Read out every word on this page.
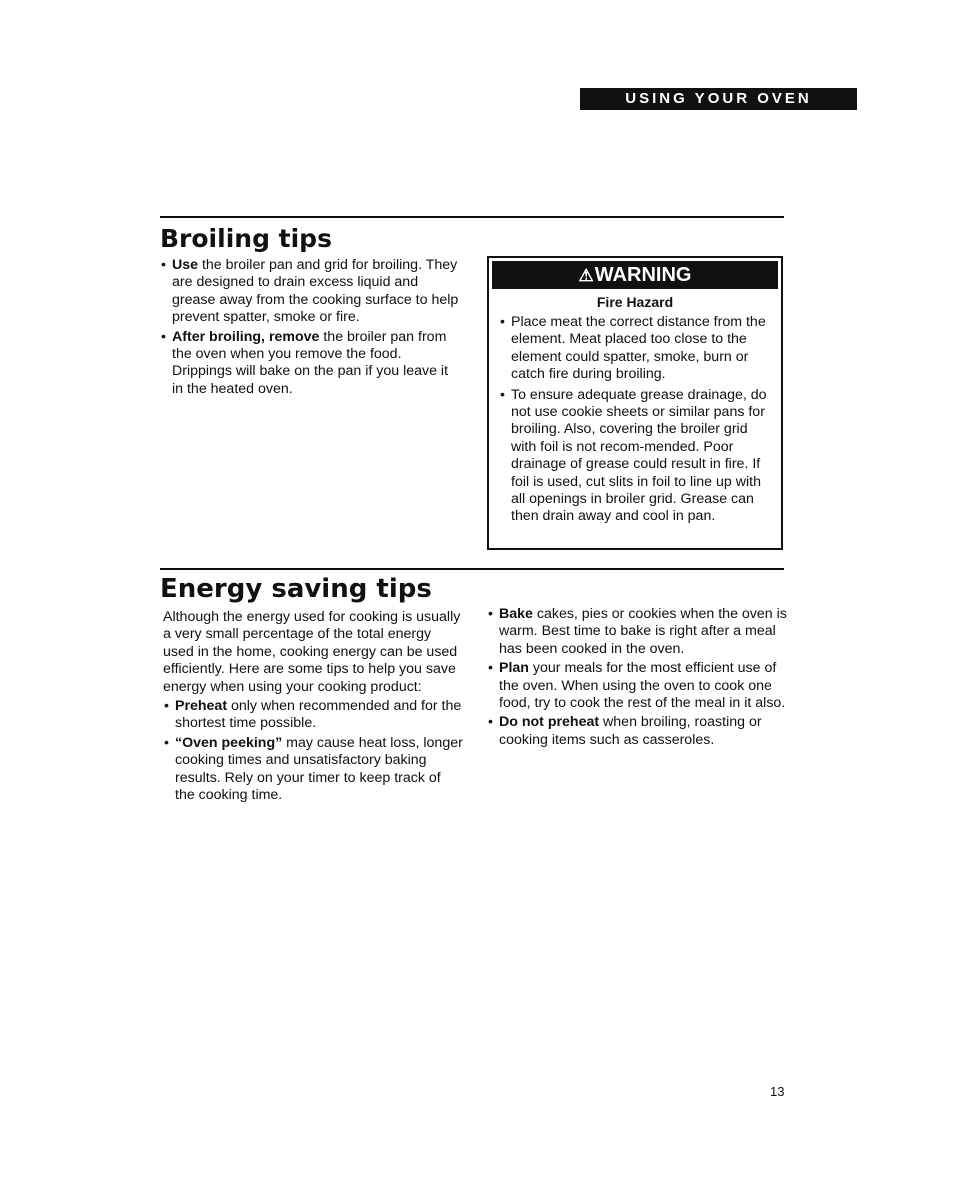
USING YOUR OVEN
Broiling tips
• Use the broiler pan and grid for broiling. They are designed to drain excess liquid and grease away from the cooking surface to help prevent spatter, smoke or fire.
• After broiling, remove the broiler pan from the oven when you remove the food. Drippings will bake on the pan if you leave it in the heated oven.
⚠WARNING
Fire Hazard
• Place meat the correct distance from the element. Meat placed too close to the element could spatter, smoke, burn or catch fire during broiling.
• To ensure adequate grease drainage, do not use cookie sheets or similar pans for broiling. Also, covering the broiler grid with foil is not recom-mended. Poor drainage of grease could result in fire. If foil is used, cut slits in foil to line up with all openings in broiler grid. Grease can then drain away and cool in pan.
Energy saving tips

Although the energy used for cooking is usually a very small percentage of the total energy used in the home, cooking energy can be used efficiently. Here are some tips to help you save energy when using your cooking product:

• Preheat only when recommended and for the shortest time possible.
• “Oven peeking” may cause heat loss, longer cooking times and unsatisfactory baking results. Rely on your timer to keep track of the cooking time.
• Bake cakes, pies or cookies when the oven is warm. Best time to bake is right after a meal has been cooked in the oven.
• Plan your meals for the most efficient use of the oven. When using the oven to cook one food, try to cook the rest of the meal in it also.
• Do not preheat when broiling, roasting or cooking items such as casseroles.
13
